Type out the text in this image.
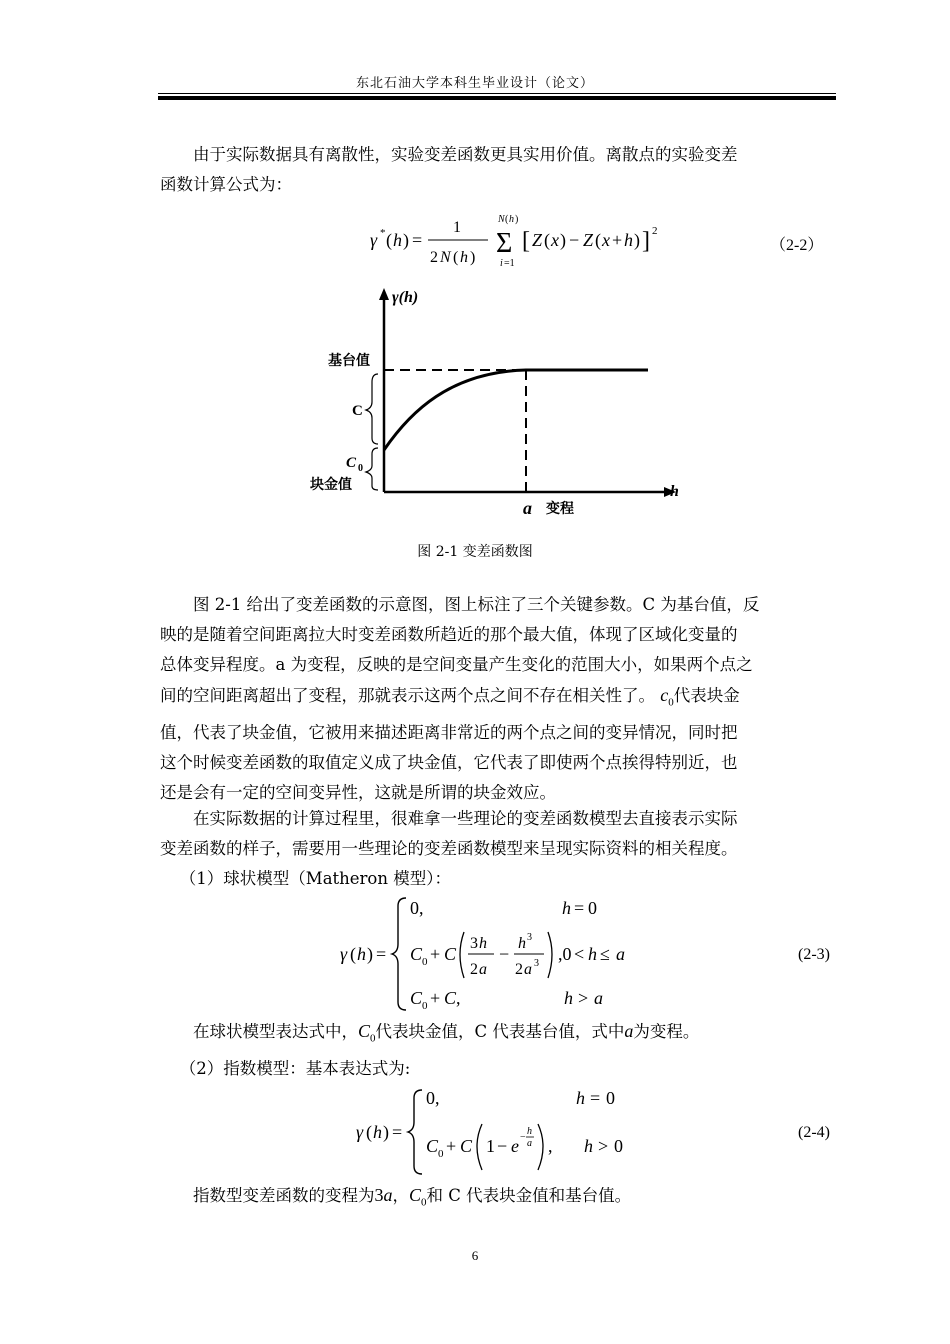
东北石油大学本科生毕业设计（论文）
由于实际数据具有离散性，实验变差函数更具实用价值。离散点的实验变差
函数计算公式为：
γ * ( h ) =
1
2 N ( h )
N ( h )
Σ
i =1
[ Z ( x ) − Z ( x + h ) ] 2
（2-2）
γ(h)
基台值
C
C 0
块金值	h
a 变程
图 2-1 变差函数图
图 2-1 给出了变差函数的示意图，图上标注了三个关键参数。C 为基台值，反
映的是随着空间距离拉大时变差函数所趋近的那个最大值，体现了区域化变量的
总体变异程度。a 为变程，反映的是空间变量产生变化的范围大小，如果两个点之
间的空间距离超出了变程，那就表示这两个点之间不存在相关性了。 $c_0$代表块金
值，代表了块金值，它被用来描述距离非常近的两个点之间的变异情况，同时把
这个时候变差函数的取值定义成了块金值，它代表了即使两个点挨得特别近，也
还是会有一定的空间变异性，这就是所谓的块金效应。
在实际数据的计算过程里，很难拿一些理论的变差函数模型去直接表示实际
变差函数的样子，需要用一些理论的变差函数模型来呈现实际资料的相关程度。
（1）球状模型（Matheron 模型）：
γ ( h ) =
0,	h = 0
C 0 + C
3 h
2 a
−
h 3
2 a 3 ,0 < h ≤ a
C 0 + C ,	h > a
(2-3)
在球状模型表达式中，$C_0$代表块金值，C 代表基台值，式中a为变程。
（2）指数模型：基本表达式为:
γ ( h ) =
0,	h = 0
C 0 + C 1 − e −
h
a , h > 0
(2-4)
指数型变差函数的变程为3a，$C_0$和 C 代表块金值和基台值。
6
